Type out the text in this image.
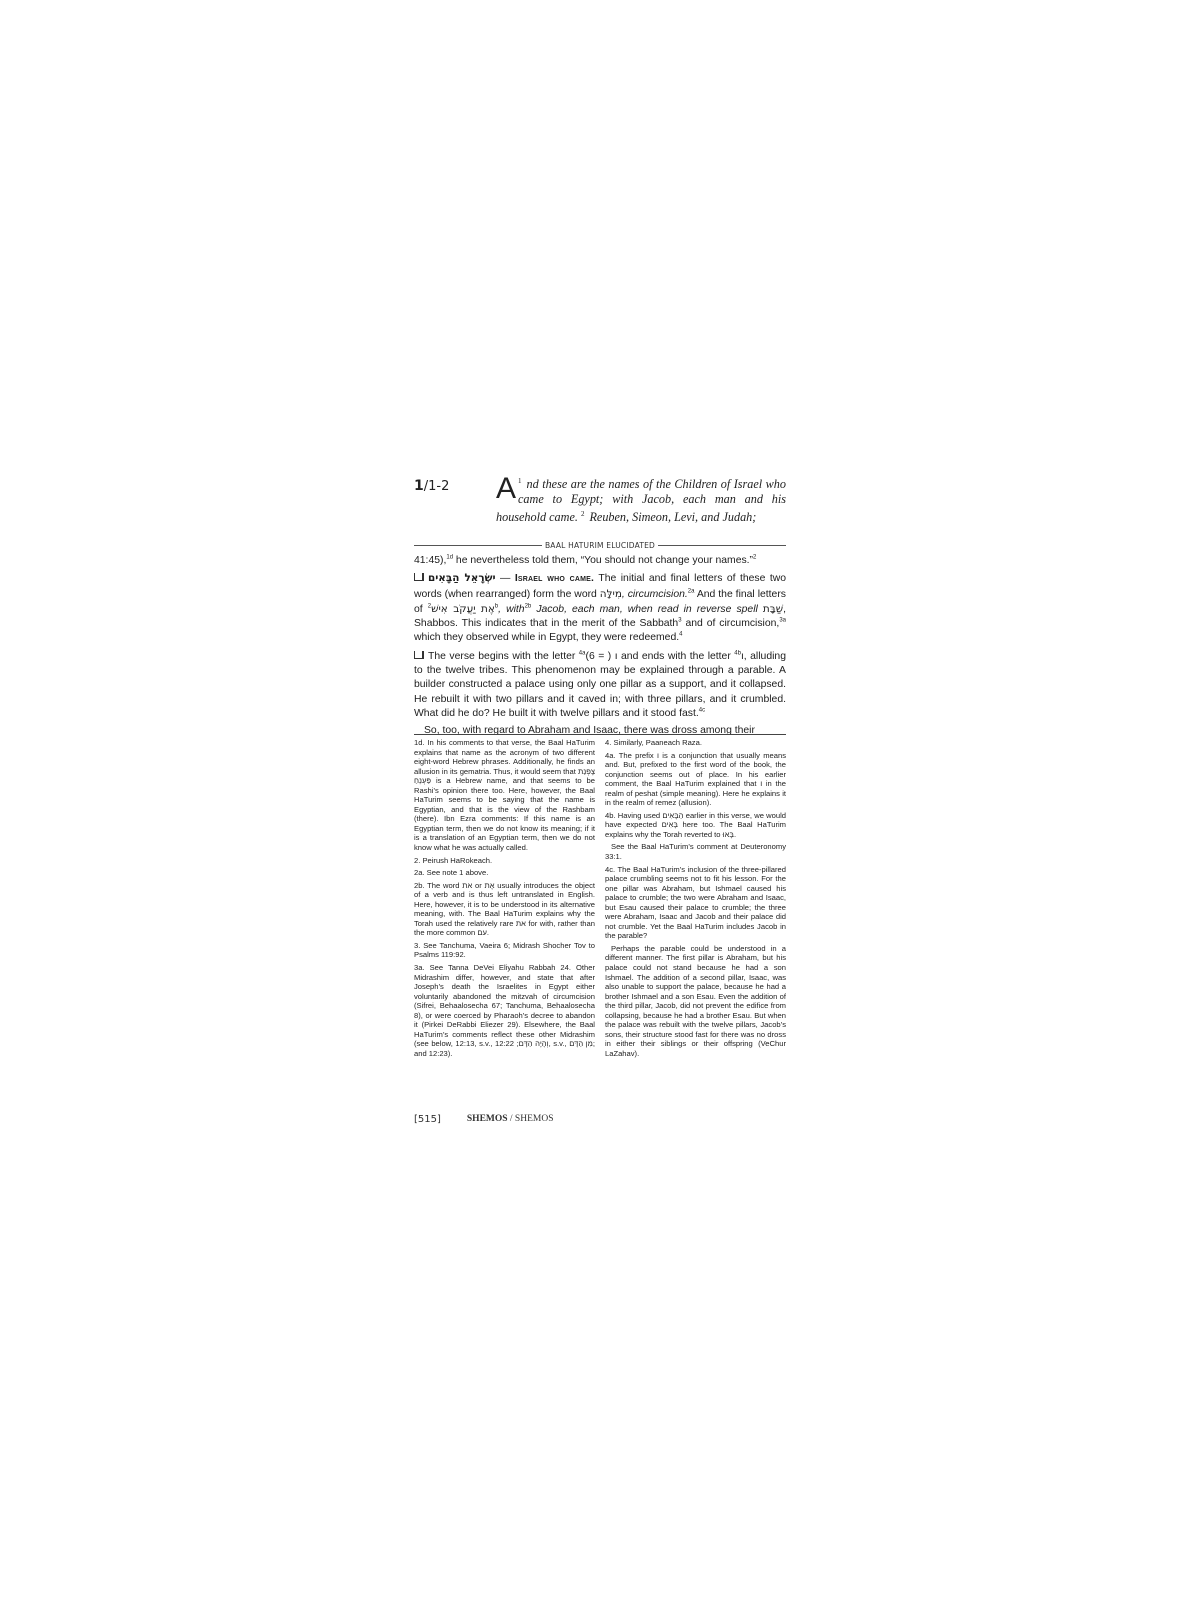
1/1-2	$^1$
A nd these are the names of the Children of Israel who came to Egypt; with Jacob, each man and his household came. $^2$ Reuben, Simeon, Levi, and Judah;
BAAL HATURIM ELUCIDATED

41:45),$^{1d}$ he nevertheless told them, “You should not change your names.”$^2$

ישְׂרָאֵל הַבָּאִים — Israel who came. The initial and final letters of these two words (when rearranged) form the word מִילָּה, circumcision.$^{2a}$ And the final letters of אֶת יַעֲקֹב אִישׁ$^{2b}$, with$^{2b}$ Jacob, each man, when read in reverse spell שַׁבָּת, Shabbos. This indicates that in the merit of the Sabbath$^3$ and of circumcision,$^{3a}$ which they observed while in Egypt, they were redeemed.$^4$

The verse begins with the letter $^{4a}$	ו ( = 6) and ends with the letter $^{4b}$ו, alluding to the twelve tribes. This phenomenon may be explained through a parable. A builder constructed a palace using only one pillar as a support, and it collapsed. He rebuilt it with two pillars and it caved in; with three pillars, and it crumbled. What did he do? He built it with twelve pillars and it stood fast.$^{4c}$

So, too, with regard to Abraham and Isaac, there was dross among their

1d. In his comments to that verse, the Baal HaTurim explains that name as the acronym of two different eight-word Hebrew phrases. Additionally, he finds an allusion in its gematria. Thus, it would seem that צָפְנַת פַּעְנֵחַ is a Hebrew name, and that seems to be Rashi’s opinion there too. Here, however, the Baal HaTurim seems to be saying that the name is Egyptian, and that is the view of the Rashbam (there). Ibn Ezra comments: If this name is an Egyptian term, then we do not know its meaning; if it is a translation of an Egyptian term, then we do not know what he was actually called.

2. Peirush HaRokeach.

2a. See note 1 above.

2b. The word את or אֶת usually introduces the object of a verb and is thus left untranslated in English. Here, however, it is to be understood in its alternative meaning, with. The Baal HaTurim explains why the Torah used the relatively rare את for with, rather than the more common עם.

3. See Tanchuma, Vaeira 6; Midrash Shocher Tov to Psalms 119:92.

3a. See Tanna DeVei Eliyahu Rabbah 24. Other Midrashim differ, however, and state that after Joseph’s death the Israelites in Egypt either voluntarily abandoned the mitzvah of circumcision (Sifrei, Behaalosecha 67; Tanchuma, Behaalosecha 8), or were coerced by Pharaoh’s decree to abandon it (Pirkei DeRabbi Eliezer 29). Elsewhere, the Baal HaTurim’s comments reflect these other Midrashim (see below, 12:13, s.v., וְהָיָה הַדָּם; 12:22, s.v., מִן הַדָּם; and 12:23).

4. Similarly, Paaneach Raza.

4a. The prefix ו is a conjunction that usually means and. But, prefixed to the first word of the book, the conjunction seems out of place. In his earlier comment, the Baal HaTurim explained that ו in the realm of peshat (simple meaning). Here he explains it in the realm of remez (allusion).

4b. Having used הַבָּאִים earlier in this verse, we would have expected בָּאִים here too. The Baal HaTurim explains why the Torah reverted to בָּאוּ.

See the Baal HaTurim’s comment at Deuteronomy 33:1.

4c. The Baal HaTurim’s inclusion of the three-pillared palace crumbling seems not to fit his lesson. For the one pillar was Abraham, but Ishmael caused his palace to crumble; the two were Abraham and Isaac, but Esau caused their palace to crumble; the three were Abraham, Isaac and Jacob and their palace did not crumble. Yet the Baal HaTurim includes Jacob in the parable?

Perhaps the parable could be understood in a different manner. The first pillar is Abraham, but his palace could not stand because he had a son Ishmael. The addition of a second pillar, Isaac, was also unable to support the palace, because he had a brother Ishmael and a son Esau. Even the addition of the third pillar, Jacob, did not prevent the edifice from collapsing, because he had a brother Esau. But when the palace was rebuilt with the twelve pillars, Jacob’s sons, their structure stood fast for there was no dross in either their siblings or their offspring (VeChur LaZahav).

[515]	SHEMOS / SHEMOS
